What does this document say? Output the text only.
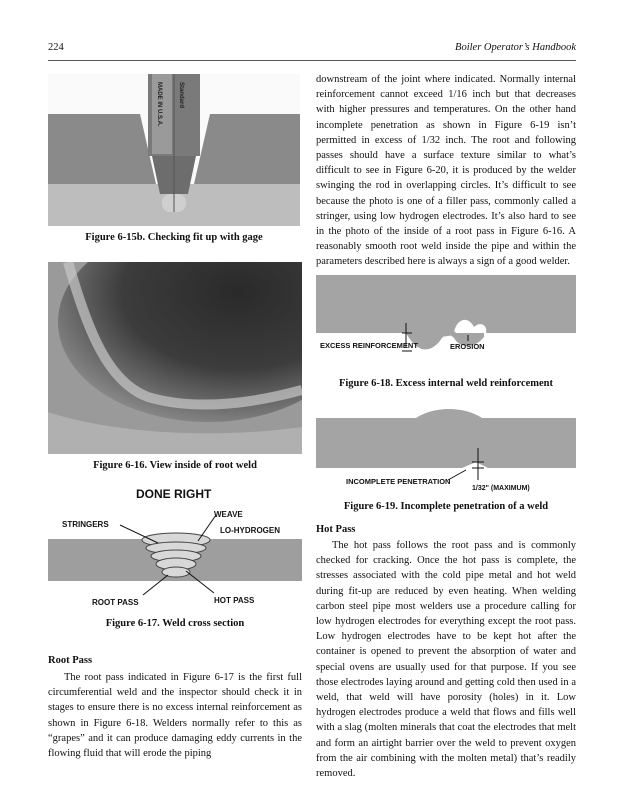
224	Boiler Operator’s Handbook
MADE IN U.S.A.	Standard
Figure 6-15b. Checking fit up with gage
Figure 6-16. View inside of root weld
DONE RIGHT
STRINGERS
WEAVE
LO-HYDROGEN
ROOT PASS	HOT PASS
Figure 6-17. Weld cross section
Root Pass
The root pass indicated in Figure 6-17 is the first full circumferential weld and the inspector should check it in stages to ensure there is no excess internal reinforcement as shown in Figure 6-18. Welders normally refer to this as “grapes” and it can produce damaging eddy currents in the flowing fluid that will erode the piping
downstream of the joint where indicated. Normally internal reinforcement cannot exceed 1/16 inch but that decreases with higher pressures and temperatures. On the other hand incomplete penetration as shown in Figure 6-19 isn’t permitted in excess of 1/32 inch. The root and following passes should have a surface texture similar to what’s difficult to see in Figure 6-20, it is produced by the welder swinging the rod in overlapping circles. It’s difficult to see because the photo is one of a filler pass, commonly called a stringer, using low hydrogen electrodes. It’s also hard to see in the photo of the inside of a root pass in Figure 6-16. A reasonably smooth root weld inside the pipe and within the parameters described here is always a sign of a good welder.
EXCESS REINFORCEMENT	EROSION
Figure 6-18. Excess internal weld reinforcement
INCOMPLETE PENETRATION
1/32" (MAXIMUM)
Figure 6-19. Incomplete penetration of a weld
Hot Pass
The hot pass follows the root pass and is commonly checked for cracking. Once the hot pass is complete, the stresses associated with the cold pipe metal and hot weld during fit-up are reduced by even heating. When welding carbon steel pipe most welders use a procedure calling for low hydrogen electrodes for everything except the root pass. Low hydrogen electrodes have to be kept hot after the container is opened to prevent the absorption of water and special ovens are usually used for that purpose. If you see those electrodes laying around and getting cold then used in a weld, that weld will have porosity (holes) in it. Low hydrogen electrodes produce a weld that flows and fills well with a slag (molten minerals that coat the electrodes that melt and form an airtight barrier over the weld to prevent oxygen from the air combining with the molten metal) that’s readily removed.
